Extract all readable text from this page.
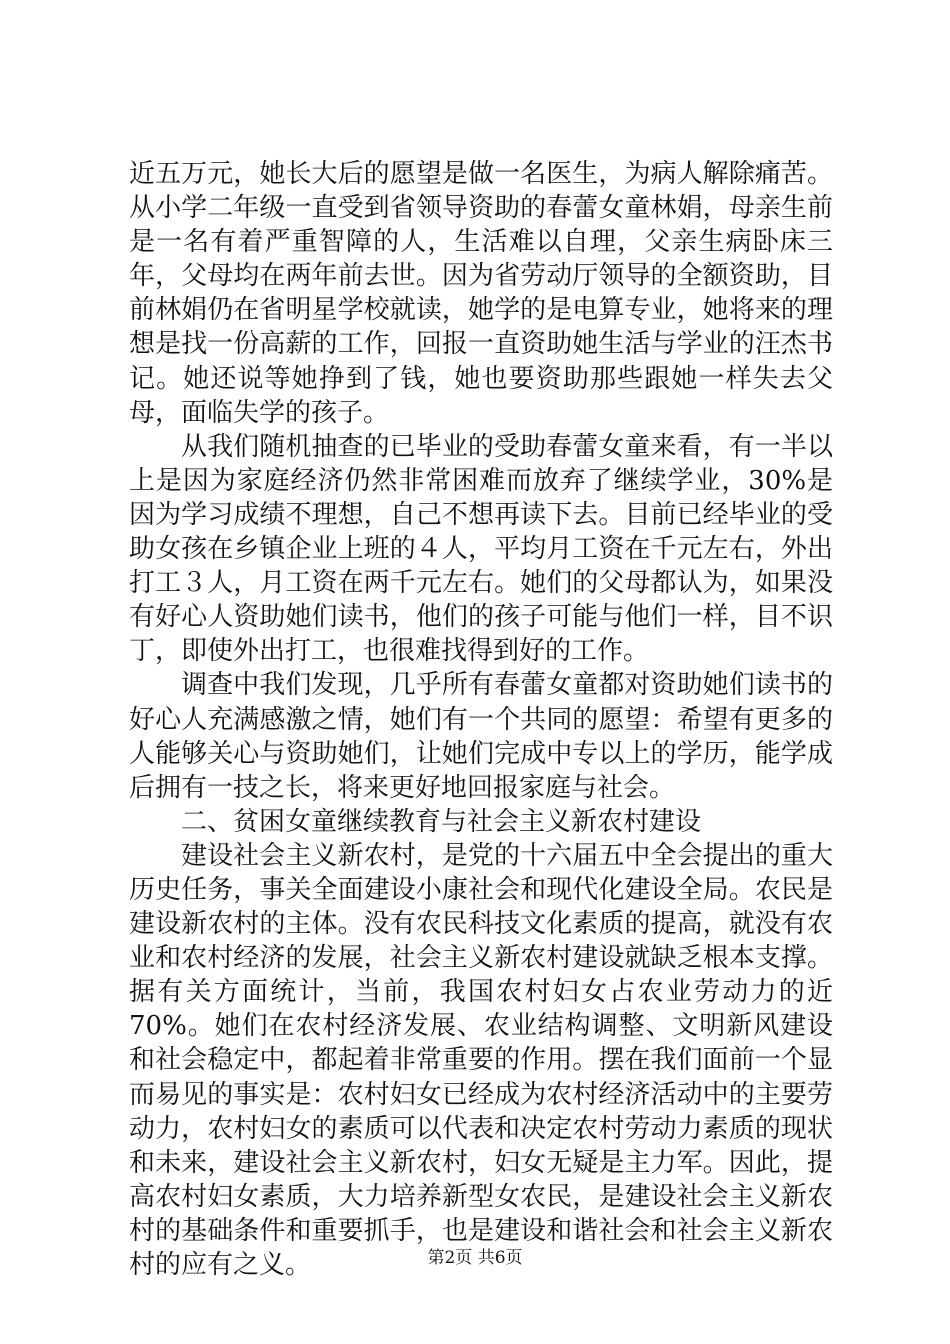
近五万元，她长大后的愿望是做一名医生，为病人解除痛苦。从小学二年级一直受到省领导资助的春蕾女童林娟，母亲生前是一名有着严重智障的人，生活难以自理，父亲生病卧床三年，父母均在两年前去世。因为省劳动厅领导的全额资助，目前林娟仍在省明星学校就读，她学的是电算专业，她将来的理想是找一份高薪的工作，回报一直资助她生活与学业的汪杰书记。她还说等她挣到了钱，她也要资助那些跟她一样失去父母，面临失学的孩子。

从我们随机抽查的已毕业的受助春蕾女童来看，有一半以上是因为家庭经济仍然非常困难而放弃了继续学业，30%是因为学习成绩不理想，自己不想再读下去。目前已经毕业的受助女孩在乡镇企业上班的４人，平均月工资在千元左右，外出打工３人，月工资在两千元左右。她们的父母都认为，如果没有好心人资助她们读书，他们的孩子可能与他们一样，目不识丁，即使外出打工，也很难找得到好的工作。

调查中我们发现，几乎所有春蕾女童都对资助她们读书的好心人充满感激之情，她们有一个共同的愿望：希望有更多的人能够关心与资助她们，让她们完成中专以上的学历，能学成后拥有一技之长，将来更好地回报家庭与社会。

二、贫困女童继续教育与社会主义新农村建设

建设社会主义新农村，是党的十六届五中全会提出的重大历史任务，事关全面建设小康社会和现代化建设全局。农民是建设新农村的主体。没有农民科技文化素质的提高，就没有农业和农村经济的发展，社会主义新农村建设就缺乏根本支撑。据有关方面统计，当前，我国农村妇女占农业劳动力的近70%。她们在农村经济发展、农业结构调整、文明新风建设和社会稳定中，都起着非常重要的作用。摆在我们面前一个显而易见的事实是：农村妇女已经成为农村经济活动中的主要劳动力，农村妇女的素质可以代表和决定农村劳动力素质的现状和未来，建设社会主义新农村，妇女无疑是主力军。因此，提高农村妇女素质，大力培养新型女农民，是建设社会主义新农村的基础条件和重要抓手，也是建设和谐社会和社会主义新农村的应有之义。	第2页 共6页
